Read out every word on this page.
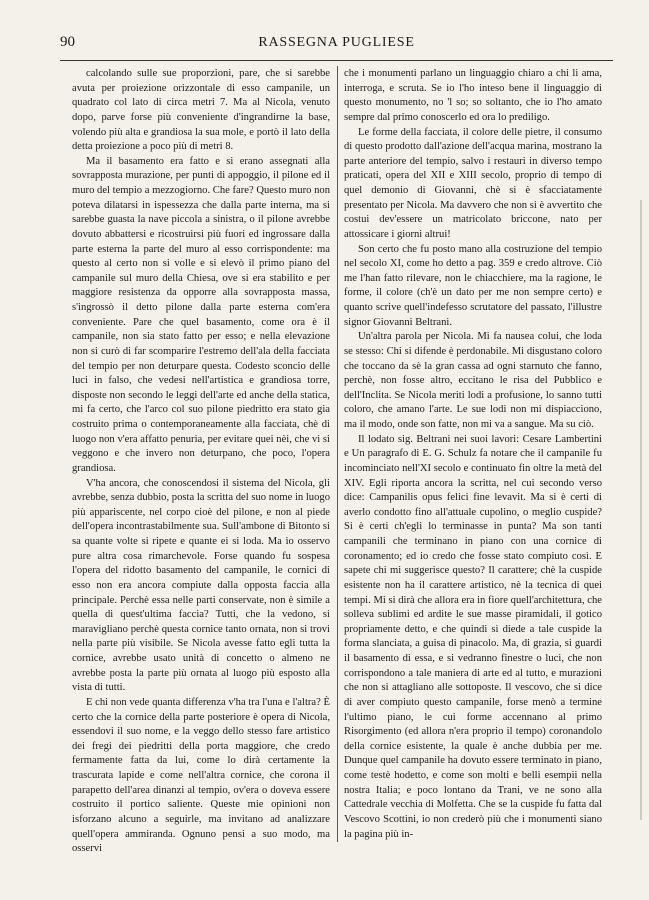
90	RASSEGNA PUGLIESE

calcolando sulle sue proporzioni, pare, che si sarebbe avuta per proiezione orizzontale di esso campanile, un quadrato col lato di circa metri 7. Ma al Nicola, venuto dopo, parve forse più conveniente d'ingrandirne la base, volendo più alta e grandiosa la sua mole, e portò il lato della detta proiezione a poco più di metri 8.

Ma il basamento era fatto e si erano assegnati alla sovrapposta murazione, per punti di appoggio, il pilone ed il muro del tempio a mezzogiorno. Che fare? Questo muro non poteva dilatarsi in ispessezza che dalla parte interna, ma si sarebbe guasta la nave piccola a sinistra, o il pilone avrebbe dovuto abbattersi e ricostruirsi più fuori ed ingrossare dalla parte esterna la parte del muro al esso corrispondente: ma questo al certo non si volle e si elevò il primo piano del campanile sul muro della Chiesa, ove si era stabilito e per maggiore resistenza da opporre alla sovrapposta massa, s'ingrossò il detto pilone dalla parte esterna com'era conveniente. Pare che quel basamento, come ora è il campanile, non sia stato fatto per esso; e nella elevazione non si curò di far scomparire l'estremo dell'ala della facciata del tempio per non deturpare questa. Codesto sconcio delle luci in falso, che vedesi nell'artistica e grandiosa torre, disposte non secondo le leggi dell'arte ed anche della statica, mi fa certo, che l'arco col suo pilone piedritto era stato gia costruito prima o contemporaneamente alla facciata, chè di luogo non v'era affatto penuria, per evitare quei nèi, che vi si veggono e che invero non deturpano, che poco, l'opera grandiosa.

V'ha ancora, che conoscendosi il sistema del Nicola, gli avrebbe, senza dubbio, posta la scritta del suo nome in luogo più appariscente, nel corpo cioè del pilone, e non al piede dell'opera incontrastabilmente sua. Sull'ambone di Bitonto si sa quante volte si ripete e quante ei si loda. Ma io osservo pure altra cosa rimarchevole. Forse quando fu sospesa l'opera del ridotto basamento del campanile, le cornici di esso non era ancora compiute dalla opposta faccia alla principale. Perchè essa nelle parti conservate, non è simile a quella di quest'ultima faccia? Tutti, che la vedono, si maravigliano perchè questa cornice tanto ornata, non si trovi nella parte più visibile. Se Nicola avesse fatto egli tutta la cornice, avrebbe usato unità di concetto o almeno ne avrebbe posta la parte più ornata al luogo più esposto alla vista di tutti.

E chi non vede quanta differenza v'ha tra l'una e l'altra? È certo che la cornice della parte posteriore è opera di Nicola, essendovi il suo nome, e la veggo dello stesso fare artistico dei fregi dei piedritti della porta maggiore, che credo fermamente fatta da lui, come lo dirà certamente la trascurata lapide e come nell'altra cornice, che corona il parapetto dell'area dinanzi al tempio, ov'era o doveva essere costruito il portico saliente. Queste mie opinioni non isforzano alcuno a seguirle, ma invitano ad analizzare quell'opera ammiranda. Ognuno pensi a suo modo, ma osservi

che i monumenti parlano un linguaggio chiaro a chi li ama, interroga, e scruta. Se io l'ho inteso bene il linguaggio di questo monumento, no 'l so; so soltanto, che io l'ho amato sempre dal primo conoscerlo ed ora lo prediligo.

Le forme della facciata, il colore delle pietre, il consumo di questo prodotto dall'azione dell'acqua marina, mostrano la parte anteriore del tempio, salvo i restauri in diverso tempo praticati, opera del XII e XIII secolo, proprio di tempo di quel demonio di Giovanni, chè si è sfacciatamente presentato per Nicola. Ma davvero che non si è avvertito che costui dev'essere un matricolato briccone, nato per attossicare i giorni altrui!

Son certo che fu posto mano alla costruzione del tempio nel secolo XI, come ho detto a pag. 359 e credo altrove. Ciò me l'han fatto rilevare, non le chiacchiere, ma la ragione, le forme, il colore (ch'è un dato per me non sempre certo) e quanto scrive quell'indefesso scrutatore del passato, l'illustre signor Giovanni Beltrani.

Un'altra parola per Nicola. Mi fa nausea colui, che loda se stesso: Chi si difende è perdonabile. Mi disgustano coloro che toccano da sè la gran cassa ad ogni starnuto che fanno, perchè, non fosse altro, eccitano le risa del Pubblico e dell'Inclita. Se Nicola meriti lodi a profusione, lo sanno tutti coloro, che amano l'arte. Le sue lodi non mi dispiacciono, ma il modo, onde son fatte, non mi va a sangue. Ma su ciò.

Il lodato sig. Beltrani nei suoi lavori: Cesare Lambertini e Un paragrafo di E. G. Schulz fa notare che il campanile fu incominciato nell'XI secolo e continuato fin oltre la metà del XIV. Egli riporta ancora la scritta, nel cui secondo verso dice: Campanilis opus felici fine levavit. Ma si è certi di averlo condotto fino all'attuale cupolino, o meglio cuspide? Si è certi ch'egli lo terminasse in punta? Ma son tanti campanili che terminano in piano con una cornice di coronamento; ed io credo che fosse stato compiuto così. E sapete chi mi suggerisce questo? Il carattere; chè la cuspide esistente non ha il carattere artistico, nè la tecnica di quei tempi. Mi si dirà che allora era in fiore quell'architettura, che solleva sublimi ed ardite le sue masse piramidali, il gotico propriamente detto, e che quindi si diede a tale cuspide la forma slanciata, a guisa di pinacolo. Ma, di grazia, si guardi il basamento di essa, e si vedranno finestre o luci, che non corrispondono a tale maniera di arte ed al tutto, e murazioni che non si attagliano alle sottoposte. Il vescovo, che si dice di aver compiuto questo campanile, forse menò a termine l'ultimo piano, le cui forme accennano al primo Risorgimento (ed allora n'era proprio il tempo) coronandolo della cornice esistente, la quale è anche dubbia per me. Dunque quel campanile ha dovuto essere terminato in piano, come testè hodetto, e come son molti e belli esempii nella nostra Italia; e poco lontano da Trani, ve ne sono alla Cattedrale vecchia di Molfetta. Che se la cuspide fu fatta dal Vescovo Scottini, io non crederò più che i monumenti siano la pagina più in-
